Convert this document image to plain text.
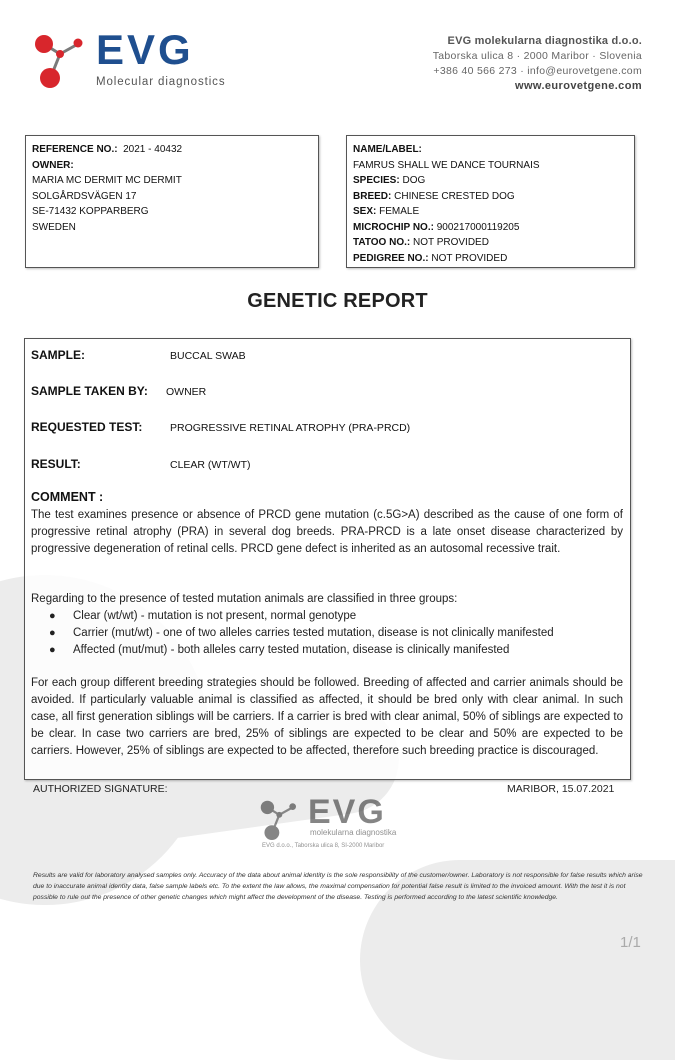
EVG
Molecular diagnostics
EVG molekularna diagnostika d.o.o.
Taborska ulica 8 · 2000 Maribor · Slovenia
+386 40 566 273 · info@eurovetgene.com
www.eurovetgene.com
REFERENCE NO.: 2021 - 40432
OWNER:
MARIA MC DERMIT MC DERMIT
SOLGÅRDSVÄGEN 17
SE-71432 KOPPARBERG
SWEDEN
NAME/LABEL:
FAMRUS SHALL WE DANCE TOURNAIS
SPECIES: DOG
BREED: CHINESE CRESTED DOG
SEX: FEMALE
MICROCHIP NO.: 900217000119205
TATOO NO.: NOT PROVIDED
PEDIGREE NO.: NOT PROVIDED
GENETIC REPORT
SAMPLE:	BUCCAL SWAB
SAMPLE TAKEN BY: OWNER
REQUESTED TEST:	PROGRESSIVE RETINAL ATROPHY (PRA-PRCD)
RESULT:	CLEAR (WT/WT)
COMMENT :
The test examines presence or absence of PRCD gene mutation (c.5G>A) described as the cause of one form of progressive retinal atrophy (PRA) in several dog breeds. PRA-PRCD is a late onset disease characterized by progressive degeneration of retinal cells. PRCD gene defect is inherited as an autosomal recessive trait.
Regarding to the presence of tested mutation animals are classified in three groups:
● Clear (wt/wt) - mutation is not present, normal genotype
● Carrier (mut/wt) - one of two alleles carries tested mutation, disease is not clinically manifested
● Affected (mut/mut) - both alleles carry tested mutation, disease is clinically manifested
For each group different breeding strategies should be followed. Breeding of affected and carrier animals should be avoided. If particularly valuable animal is classified as affected, it should be bred only with clear animal. In such case, all first generation siblings will be carriers. If a carrier is bred with clear animal, 50% of siblings are expected to be clear. In case two carriers are bred, 25% of siblings are expected to be clear and 50% are expected to be carriers. However, 25% of siblings are expected to be affected, therefore such breeding practice is discouraged.
AUTHORIZED SIGNATURE:	MARIBOR, 15.07.2021
EVG
molekularna diagnostika
EVG d.o.o., Taborska ulica 8, SI-2000 Maribor
Results are valid for laboratory analysed samples only. Accuracy of the data about animal identity is the sole responsibility of the customer/owner. Laboratory is not responsible for false results which arise due to inaccurate animal identity data, false sample labels etc. To the extent the law allows, the maximal compensation for potential false result is limited to the invoiced amount. With the test it is not possible to rule out the presence of other genetic changes which might affect the development of the disease. Testing is performed according to the latest scientific knowledge.
1/1
